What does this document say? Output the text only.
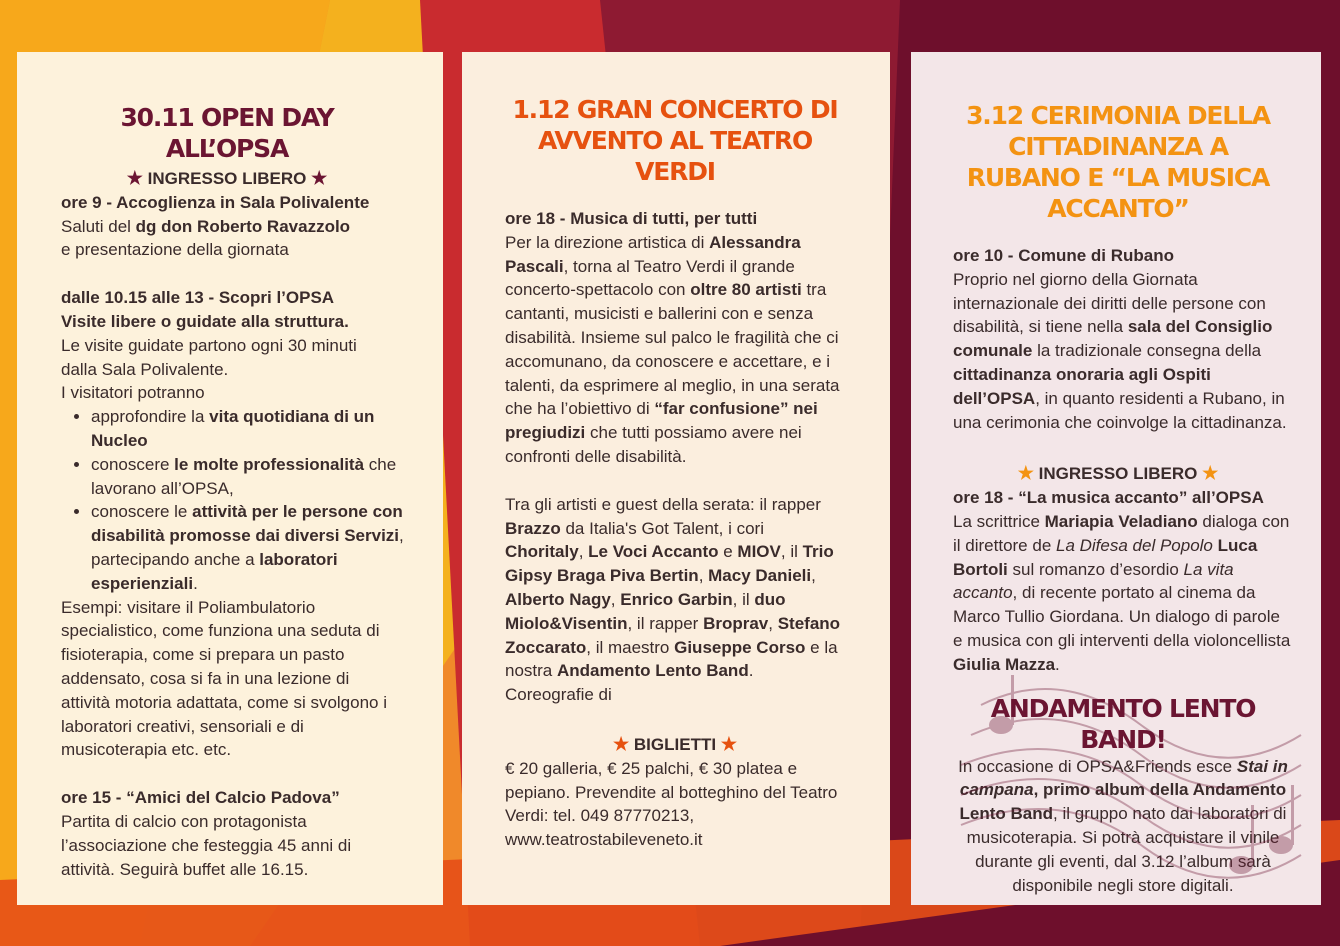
30.11 OPEN DAY ALL’OPSA
★ INGRESSO LIBERO ★

ore 9 - Accoglienza in Sala Polivalente

Saluti del dg don Roberto Ravazzolo

e presentazione della giornata

dalle 10.15 alle 13 - Scopri l’OPSA

Visite libere o guidate alla struttura.

Le visite guidate partono ogni 30 minuti dalla Sala Polivalente.

I visitatori potranno

• approfondire la vita quotidiana di un Nucleo
• conoscere le molte professionalità che lavorano all’OPSA,
• conoscere le attività per le persone con disabilità promosse dai diversi Servizi, partecipando anche a laboratori esperienziali.

Esempi: visitare il Poliambulatorio specialistico, come funziona una seduta di fisioterapia, come si prepara un pasto addensato, cosa si fa in una lezione di attività motoria adattata, come si svolgono i laboratori creativi, sensoriali e di musicoterapia etc. etc.

ore 15 - “Amici del Calcio Padova”

Partita di calcio con protagonista l’associazione che festeggia 45 anni di attività. Seguirà buffet alle 16.15.

1.12 GRAN CONCERTO DI AVVENTO AL TEATRO VERDI

ore 18 - Musica di tutti, per tutti

Per la direzione artistica di Alessandra Pascali, torna al Teatro Verdi il grande concerto-spettacolo con oltre 80 artisti tra cantanti, musicisti e ballerini con e senza disabilità. Insieme sul palco le fragilità che ci accomunano, da conoscere e accettare, e i talenti, da esprimere al meglio, in una serata che ha l’obiettivo di “far confusione” nei pregiudizi che tutti possiamo avere nei confronti delle disabilità.

Tra gli artisti e guest della serata: il rapper Brazzo da Italia's Got Talent, i cori Choritaly, Le Voci Accanto e MIOV, il Trio Gipsy Braga Piva Bertin, Macy Danieli, Alberto Nagy, Enrico Garbin, il duo Miolo&Visentin, il rapper Broprav, Stefano Zoccarato, il maestro Giuseppe Corso e la nostra Andamento Lento Band. Coreografie di

★ BIGLIETTI ★

€ 20 galleria, € 25 palchi, € 30 platea e pepiano. Prevendite al botteghino del Teatro Verdi: tel. 049 87770213, www.teatrostabileveneto.it

3.12 CERIMONIA DELLA CITTADINANZA A RUBANO E “LA MUSICA ACCANTO”

ore 10 - Comune di Rubano

Proprio nel giorno della Giornata internazionale dei diritti delle persone con disabilità, si tiene nella sala del Consiglio comunale la tradizionale consegna della cittadinanza onoraria agli Ospiti dell’OPSA, in quanto residenti a Rubano, in una cerimonia che coinvolge la cittadinanza.

★ INGRESSO LIBERO ★

ore 18 - “La musica accanto” all’OPSA

La scrittrice Mariapia Veladiano dialoga con il direttore de La Difesa del Popolo Luca Bortoli sul romanzo d’esordio La vita accanto, di recente portato al cinema da Marco Tullio Giordana. Un dialogo di parole e musica con gli interventi della violoncellista Giulia Mazza.

ANDAMENTO LENTO BAND!

In occasione di OPSA&Friends esce Stai in campana, primo album della Andamento Lento Band, il gruppo nato dai laboratori di musicoterapia. Si potrà acquistare il vinile durante gli eventi, dal 3.12 l’album sarà disponibile negli store digitali.
